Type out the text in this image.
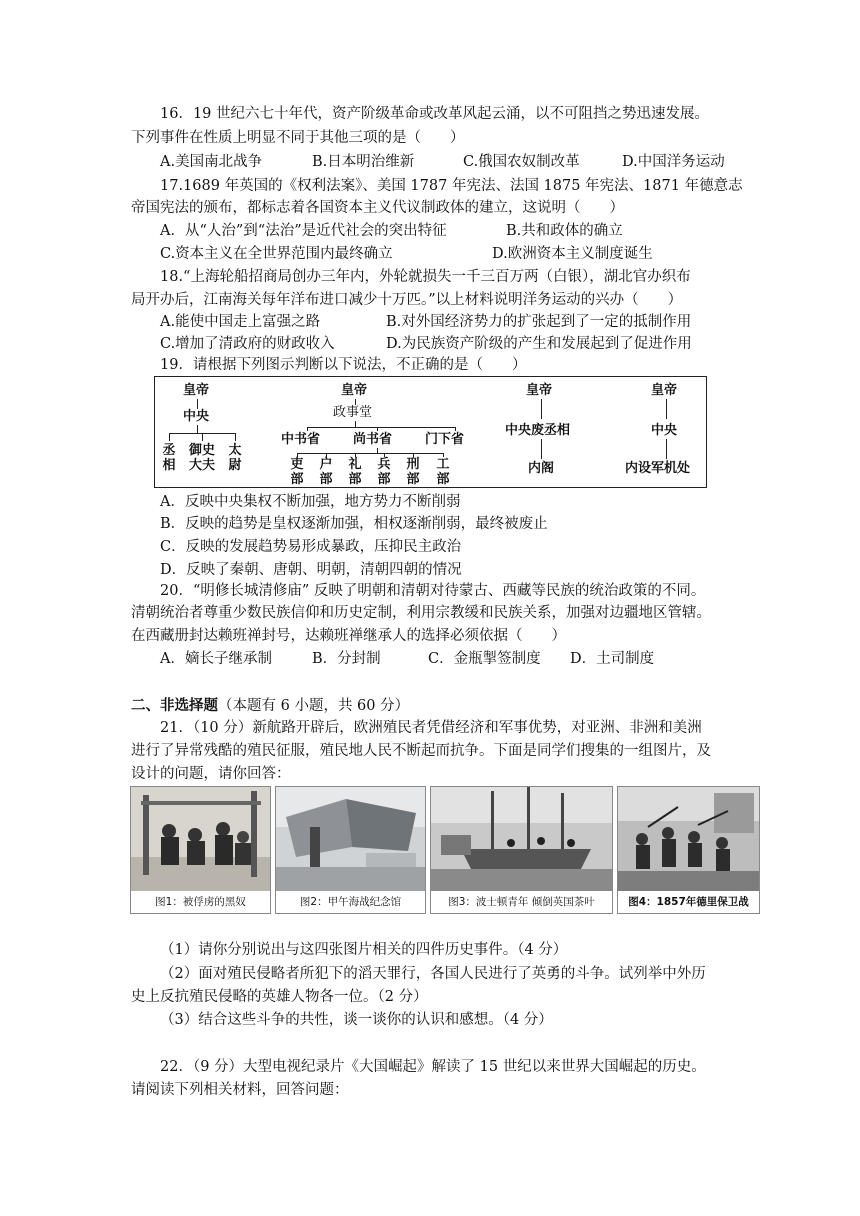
16．19 世纪六七十年代，资产阶级革命或改革风起云涌，以不可阻挡之势迅速发展。
下列事件在性质上明显不同于其他三项的是（　　）
A.美国南北战争	B.日本明治维新	C.俄国农奴制改革	D.中国洋务运动
17.1689 年英国的《权利法案》、美国 1787 年宪法、法国 1875 年宪法、1871 年德意志
帝国宪法的颁布，都标志着各国资本主义代议制政体的建立，这说明（　　）
A．从“人治”到“法治”是近代社会的突出特征	B.共和政体的确立
C.资本主义在全世界范围内最终确立	D.欧洲资本主义制度诞生
18.“上海轮船招商局创办三年内，外轮就损失一千三百万两（白银），湖北官办织布
局开办后，江南海关每年洋布进口减少十万匹。”以上材料说明洋务运动的兴办（　　）
A.能使中国走上富强之路	B.对外国经济势力的扩张起到了一定的抵制作用
C.增加了清政府的财政收入	D.为民族资产阶级的产生和发展起到了促进作用
19．请根据下列图示判断以下说法，不正确的是（　　）
皇帝
中央
丞相
御史大夫
太尉
皇帝
政事堂
中书省	尚书省	门下省
吏部
户部
礼部
兵部
刑部
工部
皇帝
中央废丞相
内阁
皇帝
中央
内设军机处
A．反映中央集权不断加强，地方势力不断削弱
B．反映的趋势是皇权逐渐加强，相权逐渐削弱，最终被废止
C．反映的发展趋势易形成暴政，压抑民主政治
D．反映了秦朝、唐朝、明朝，清朝四朝的情况
20．“明修长城清修庙” 反映了明朝和清朝对待蒙古、西藏等民族的统治政策的不同。
清朝统治者尊重少数民族信仰和历史定制，利用宗教缓和民族关系，加强对边疆地区管辖。
在西藏册封达赖班禅封号，达赖班禅继承人的选择必须依据（　　）
A．嫡长子继承制	B．分封制	C．金瓶掣签制度 D．土司制度
二、非选择题（本题有 6 小题，共 60 分）
21．（10 分）新航路开辟后，欧洲殖民者凭借经济和军事优势，对亚洲、非洲和美洲
进行了异常残酷的殖民征服，殖民地人民不断起而抗争。下面是同学们搜集的一组图片，及
设计的问题，请你回答：
图1：被俘虏的黑奴	图2：甲午海战纪念馆	图3：波士顿青年 倾倒英国茶叶	图4：1857年德里保卫战
（1）请你分别说出与这四张图片相关的四件历史事件。（4 分）
（2）面对殖民侵略者所犯下的滔天罪行，各国人民进行了英勇的斗争。试列举中外历
史上反抗殖民侵略的英雄人物各一位。（2 分）
（3）结合这些斗争的共性，谈一谈你的认识和感想。（4 分）
22．（9 分）大型电视纪录片《大国崛起》解读了 15 世纪以来世界大国崛起的历史。
请阅读下列相关材料，回答问题：
